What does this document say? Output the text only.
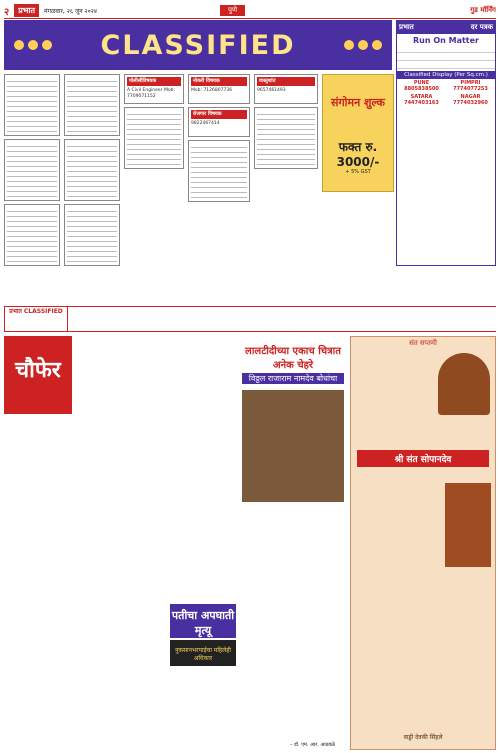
२	प्रभात	मंगळवार, २६ जून २०२४	पुणे	गुड मॉर्निंग
CLASSIFIED
पोलीसीविषयक
A Civil Engineer Mob: 7709071152
नोकरी विषयक
Mob: 7126807736
रोजगार विषयक
9822467414
वास्तुशांत
9657461493
संगोमन शुल्क
फक्त रु. 3000/-
+ 5% GST
प्रभात	दर पत्रक
Run On Matter

Classified Display (Per Sq.cm.)
PUNE 8805838500
PIMPRI 7774077253
SATARA 7447403163
NAGAR 7774032960
प्रभात CLASSIFIED
चौफेर
लालटीदीच्या एकाच चित्रात अनेक चेहरे
विठ्ठल राजाराम नामदेव बोधांचा
पतीचा अपघाती मृत्यू
नुकसानभरपाईचा महिलेही अधिकार
संत सप्तमी
श्री संत सोपानदेव
वाड्डी देवकी सिंहले
– डॉ. एम. आर. आठवळे
